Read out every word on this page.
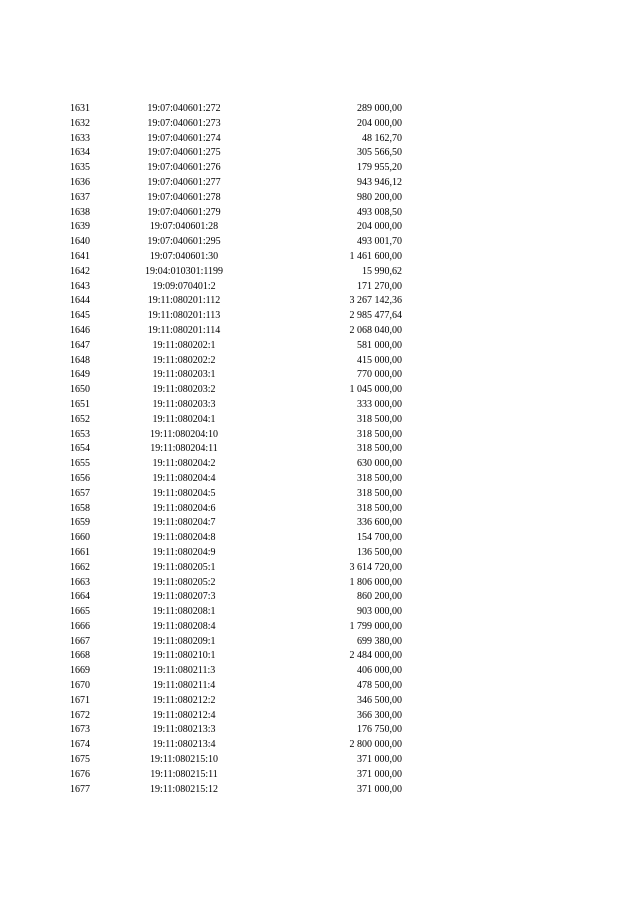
1631	19:07:040601:272	289 000,00
1632	19:07:040601:273	204 000,00
1633	19:07:040601:274	48 162,70
1634	19:07:040601:275	305 566,50
1635	19:07:040601:276	179 955,20
1636	19:07:040601:277	943 946,12
1637	19:07:040601:278	980 200,00
1638	19:07:040601:279	493 008,50
1639	19:07:040601:28	204 000,00
1640	19:07:040601:295	493 001,70
1641	19:07:040601:30	1 461 600,00
1642	19:04:010301:1199	15 990,62
1643	19:09:070401:2	171 270,00
1644	19:11:080201:112	3 267 142,36
1645	19:11:080201:113	2 985 477,64
1646	19:11:080201:114	2 068 040,00
1647	19:11:080202:1	581 000,00
1648	19:11:080202:2	415 000,00
1649	19:11:080203:1	770 000,00
1650	19:11:080203:2	1 045 000,00
1651	19:11:080203:3	333 000,00
1652	19:11:080204:1	318 500,00
1653	19:11:080204:10	318 500,00
1654	19:11:080204:11	318 500,00
1655	19:11:080204:2	630 000,00
1656	19:11:080204:4	318 500,00
1657	19:11:080204:5	318 500,00
1658	19:11:080204:6	318 500,00
1659	19:11:080204:7	336 600,00
1660	19:11:080204:8	154 700,00
1661	19:11:080204:9	136 500,00
1662	19:11:080205:1	3 614 720,00
1663	19:11:080205:2	1 806 000,00
1664	19:11:080207:3	860 200,00
1665	19:11:080208:1	903 000,00
1666	19:11:080208:4	1 799 000,00
1667	19:11:080209:1	699 380,00
1668	19:11:080210:1	2 484 000,00
1669	19:11:080211:3	406 000,00
1670	19:11:080211:4	478 500,00
1671	19:11:080212:2	346 500,00
1672	19:11:080212:4	366 300,00
1673	19:11:080213:3	176 750,00
1674	19:11:080213:4	2 800 000,00
1675	19:11:080215:10	371 000,00
1676	19:11:080215:11	371 000,00
1677	19:11:080215:12	371 000,00
